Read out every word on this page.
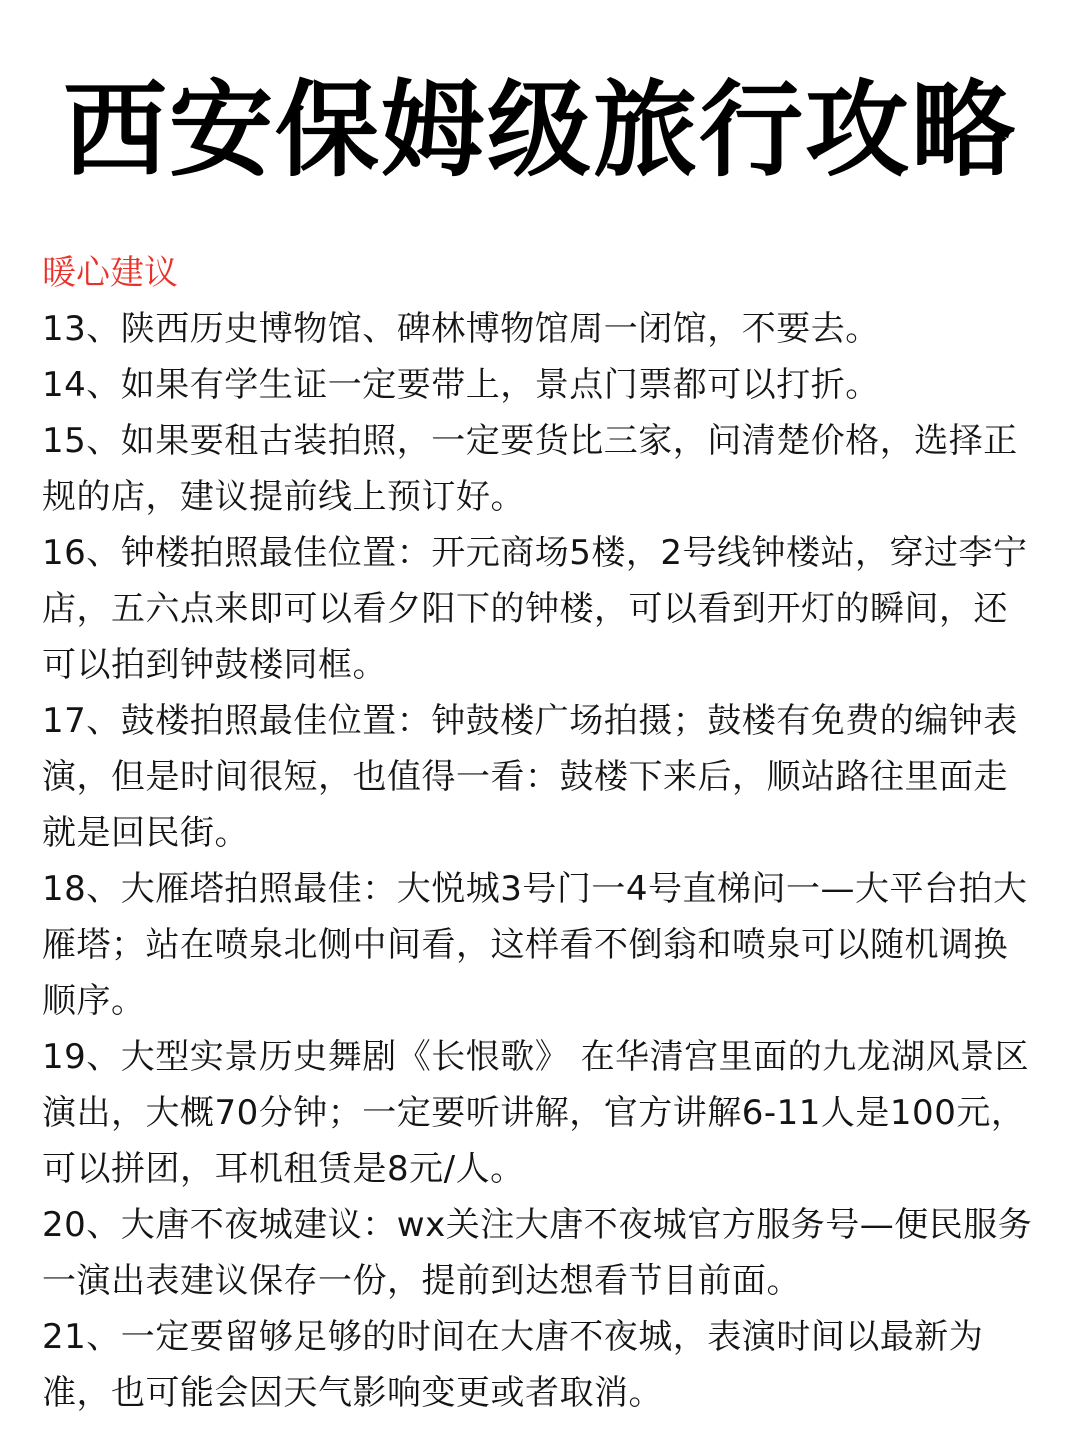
西安保姆级旅行攻略
暖心建议
13、陕西历史博物馆、碑林博物馆周一闭馆，不要去。
14、如果有学生证一定要带上，景点门票都可以打折。
15、如果要租古装拍照，一定要货比三家，问清楚价格，选择正规的店，建议提前线上预订好。
16、钟楼拍照最佳位置：开元商场5楼，2号线钟楼站，穿过李宁店，五六点来即可以看夕阳下的钟楼，可以看到开灯的瞬间，还可以拍到钟鼓楼同框。
17、鼓楼拍照最佳位置：钟鼓楼广场拍摄；鼓楼有免费的编钟表演，但是时间很短，也值得一看：鼓楼下来后，顺站路往里面走就是回民街。
18、大雁塔拍照最佳：大悦城3号门一4号直梯问一—大平台拍大雁塔；站在喷泉北侧中间看，这样看不倒翁和喷泉可以随机调换顺序。
19、大型实景历史舞剧《长恨歌》 在华清宫里面的九龙湖风景区演出，大概70分钟；一定要听讲解，官方讲解6-11人是100元，可以拼团，耳机租赁是8元/人。
20、大唐不夜城建议：wx关注大唐不夜城官方服务号—便民服务一演出表建议保存一份，提前到达想看节目前面。
21、一定要留够足够的时间在大唐不夜城，表演时间以最新为准，也可能会因天气影响变更或者取消。
